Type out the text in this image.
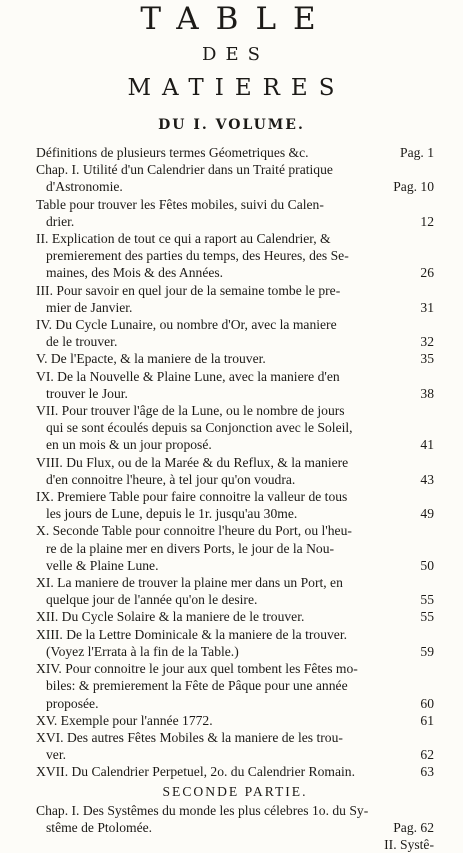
TABLE
DES
MATIERES
DU I. VOLUME.
Pag. 1
Définitions de plusieurs termes Géometriques &c.
Chap. I. Utilité d'un Calendrier dans un Traité pratique
Pag. 10
d'Astronomie.
Table pour trouver les Fêtes mobiles, suivi du Calen-
12
drier.
II. Explication de tout ce qui a raport au Calendrier, &
premierement des parties du temps, des Heures, des Se-
26
maines, des Mois & des Années.
III. Pour savoir en quel jour de la semaine tombe le pre-
31
mier de Janvier.
IV. Du Cycle Lunaire, ou nombre d'Or, avec la maniere
32
de le trouver.
35
V. De l'Epacte, & la maniere de la trouver.
VI. De la Nouvelle & Plaine Lune, avec la maniere d'en
38
trouver le Jour.
VII. Pour trouver l'âge de la Lune, ou le nombre de jours
qui se sont écoulés depuis sa Conjonction avec le Soleil,
41
en un mois & un jour proposé.
VIII. Du Flux, ou de la Marée & du Reflux, & la maniere
43
d'en connoitre l'heure, à tel jour qu'on voudra.
IX. Premiere Table pour faire connoitre la valleur de tous
49
les jours de Lune, depuis le 1r. jusqu'au 30me.
X. Seconde Table pour connoitre l'heure du Port, ou l'heu-
re de la plaine mer en divers Ports, le jour de la Nou-
50
velle & Plaine Lune.
XI. La maniere de trouver la plaine mer dans un Port, en
55
quelque jour de l'année qu'on le desire.
55
XII. Du Cycle Solaire & la maniere de le trouver.
XIII. De la Lettre Dominicale & la maniere de la trouver.
59
(Voyez l'Errata à la fin de la Table.)
XIV. Pour connoitre le jour aux quel tombent les Fêtes mo-
biles: & premierement la Fête de Pâque pour une année
60
proposée.
61
XV. Exemple pour l'année 1772.
XVI. Des autres Fêtes Mobiles & la maniere de les trou-
62
ver.
63
XVII. Du Calendrier Perpetuel, 2o. du Calendrier Romain.
SECONDE PARTIE.
Chap. I. Des Systêmes du monde les plus célebres 1o. du Sy-
Pag. 62
stême de Ptolomée.
II. Systê-
